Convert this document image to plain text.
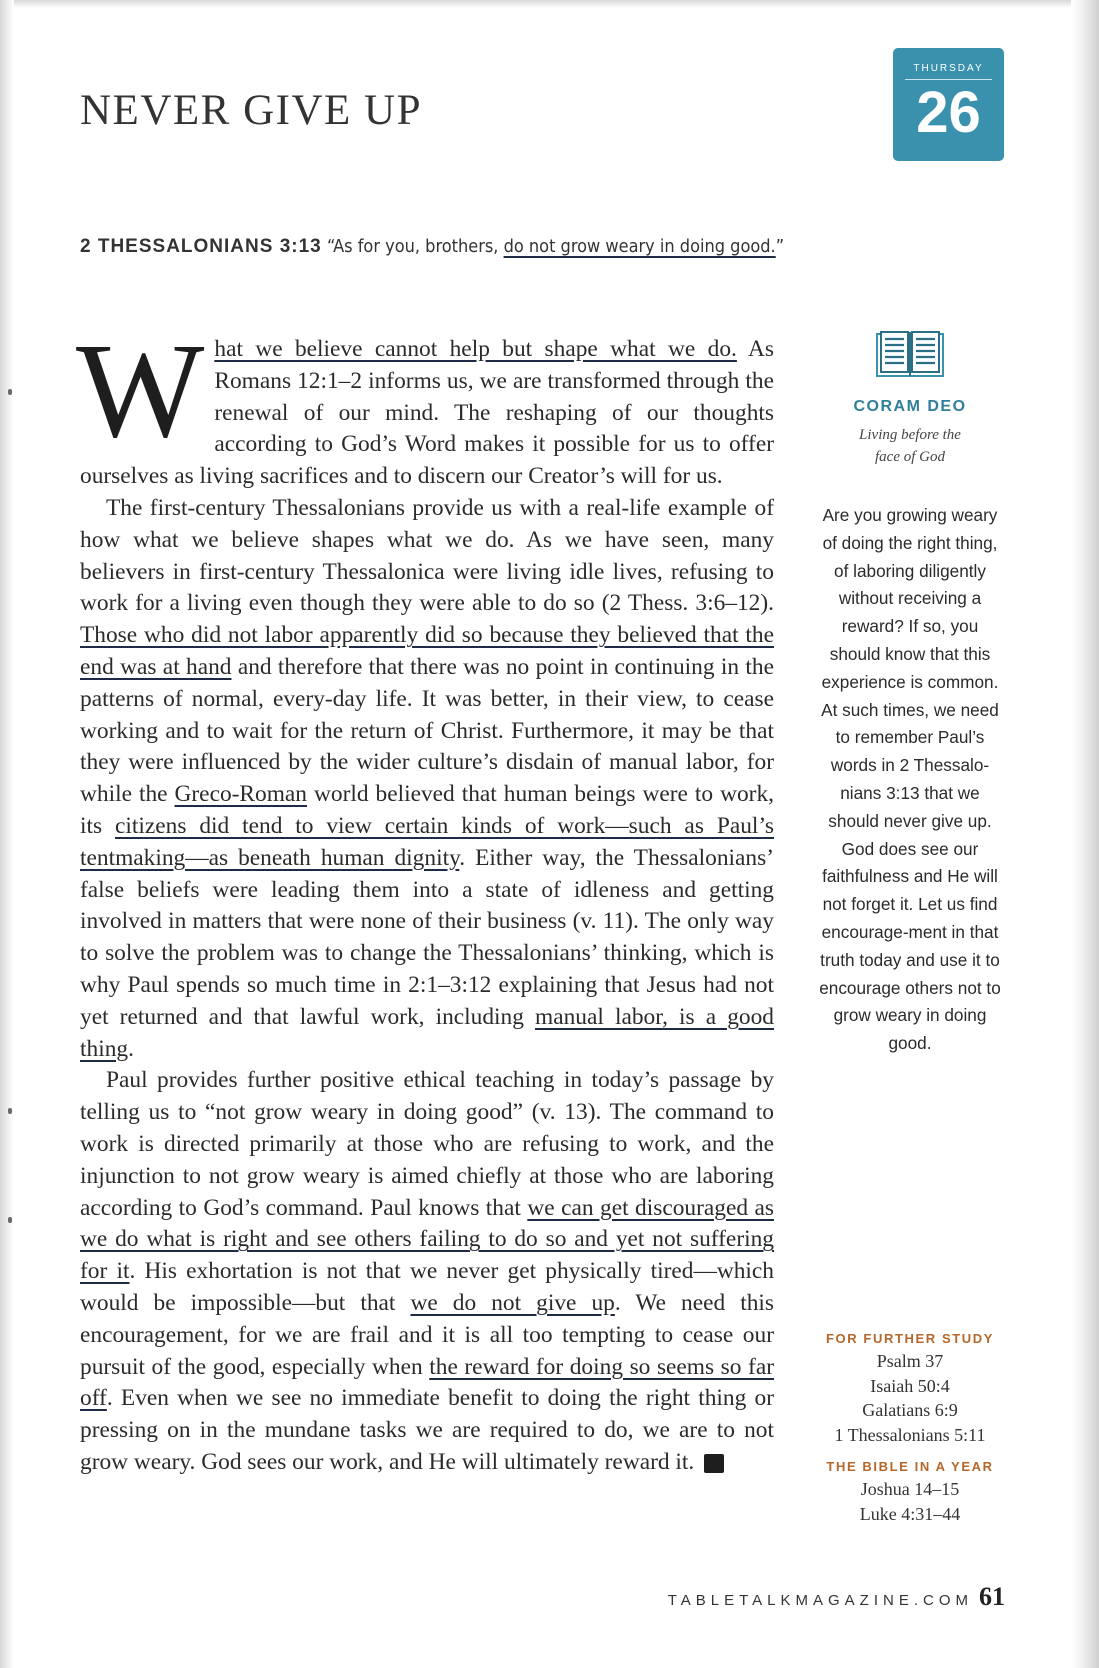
NEVER GIVE UP
THURSDAY
26
2 THESSALONIANS 3:13 “As for you, brothers, do not grow weary in doing good.”

What we believe cannot help but shape what we do. As Romans 12:1–2 informs us, we are transformed through the renewal of our mind. The reshaping of our thoughts according to God’s Word makes it possible for us to offer ourselves as living sacrifices and to discern our Creator’s will for us.

The first-century Thessalonians provide us with a real-life example of how what we believe shapes what we do. As we have seen, many believers in first-century Thessalonica were living idle lives, refusing to work for a living even though they were able to do so (2 Thess. 3:6–12). Those who did not labor apparently did so because they believed that the end was at hand and therefore that there was no point in continuing in the patterns of normal, every-day life. It was better, in their view, to cease working and to wait for the return of Christ. Furthermore, it may be that they were influenced by the wider culture’s disdain of manual labor, for while the Greco-Roman world believed that human beings were to work, its citizens did tend to view certain kinds of work—such as Paul’s tentmaking—as beneath human dignity. Either way, the Thessalonians’ false beliefs were leading them into a state of idleness and getting involved in matters that were none of their business (v. 11). The only way to solve the problem was to change the Thessalonians’ thinking, which is why Paul spends so much time in 2:1–3:12 explaining that Jesus had not yet returned and that lawful work, including manual labor, is a good thing.

Paul provides further positive ethical teaching in today’s passage by telling us to “not grow weary in doing good” (v. 13). The command to work is directed primarily at those who are refusing to work, and the injunction to not grow weary is aimed chiefly at those who are laboring according to God’s command. Paul knows that we can get discouraged as we do what is right and see others failing to do so and yet not suffering for it. His exhortation is not that we never get physically tired—which would be impossible—but that we do not give up. We need this encouragement, for we are frail and it is all too tempting to cease our pursuit of the good, especially when the reward for doing so seems so far off. Even when we see no immediate benefit to doing the right thing or pressing on in the mundane tasks we are required to do, we are to not grow weary. God sees our work, and He will ultimately reward it. T

CORAM DEO
Living before the
face of God
Are you growing weary of doing the right thing, of laboring diligently without receiving a reward? If so, you should know that this experience is common. At such times, we need to remember Paul’s words in 2 Thessalo-nians 3:13 that we should never give up. God does see our faithfulness and He will not forget it. Let us find encourage-ment in that truth today and use it to encourage others not to grow weary in doing good.
FOR FURTHER STUDY
Psalm 37
Isaiah 50:4
Galatians 6:9
1 Thessalonians 5:11
THE BIBLE IN A YEAR
Joshua 14–15
Luke 4:31–44
TABLETALKMAGAZINE.COM 61
